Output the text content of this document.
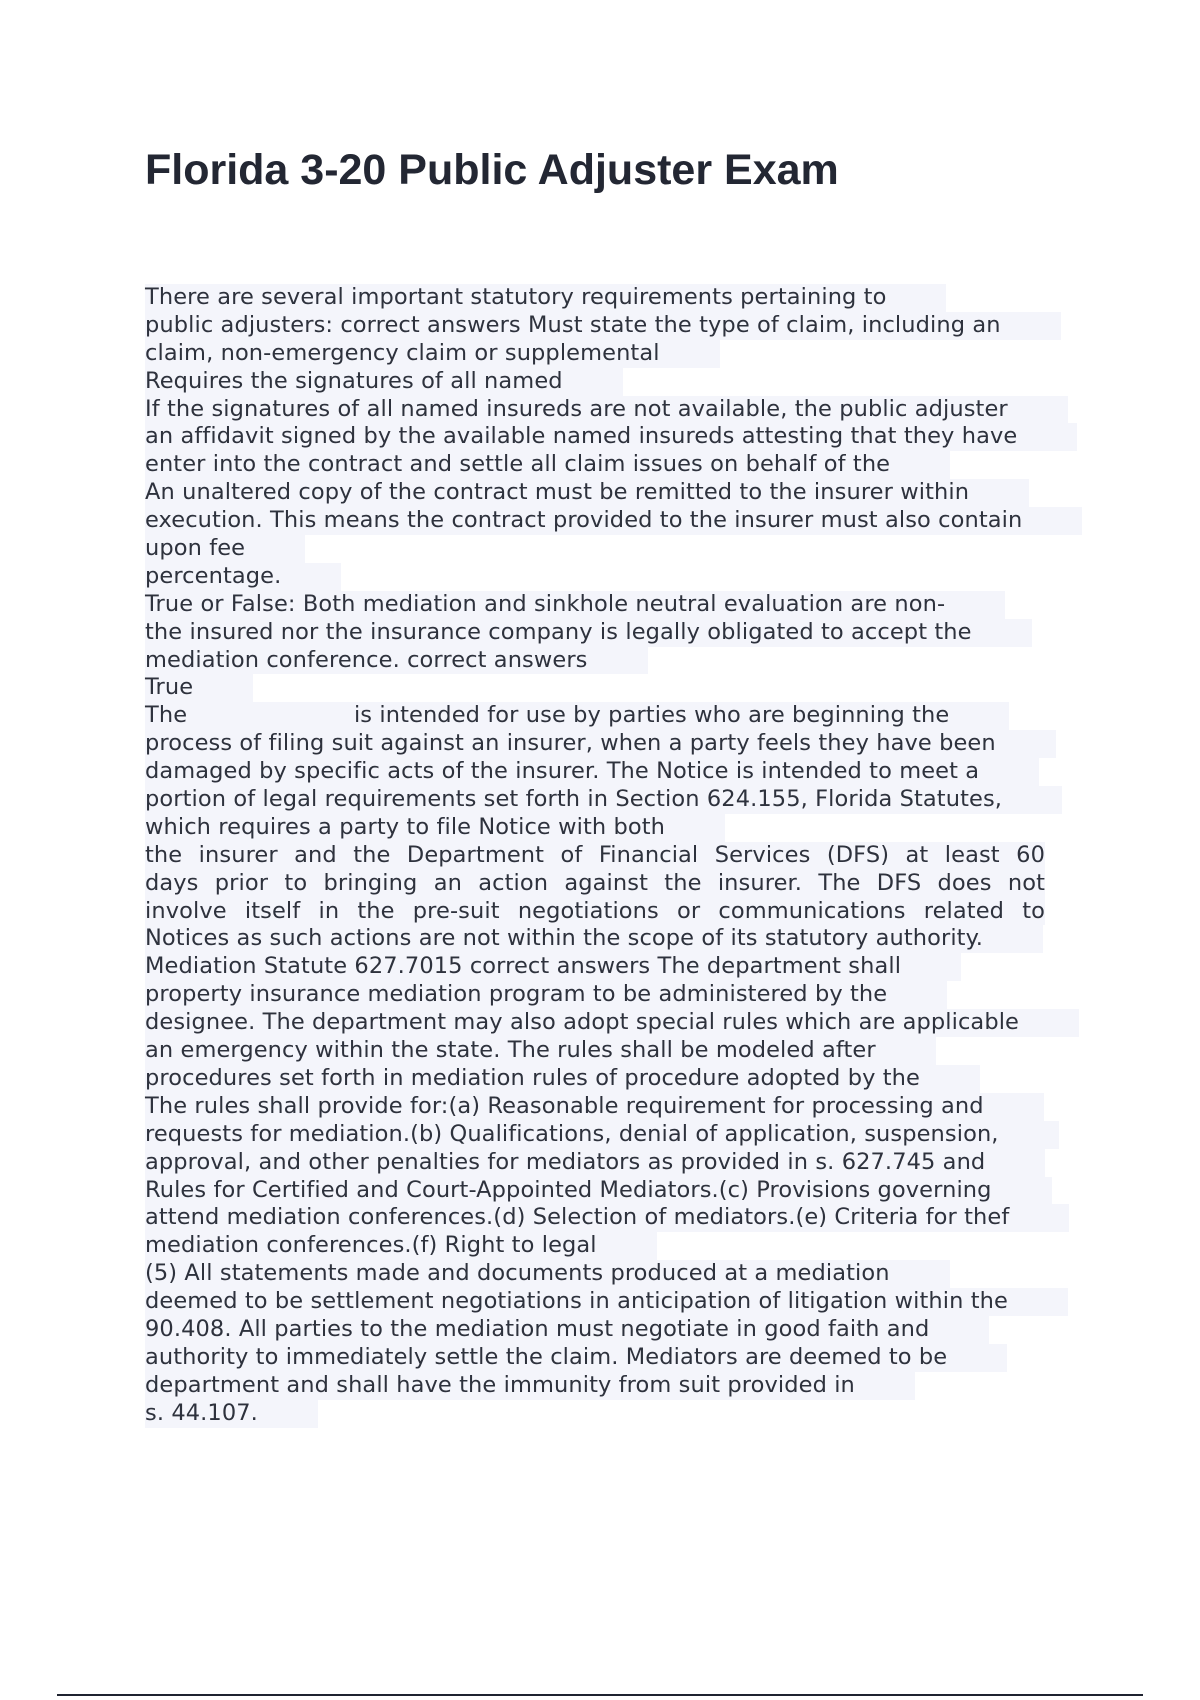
Florida 3-20 Public Adjuster Exam
There are several important statutory requirements pertaining to
public adjusters: correct answers Must state the type of claim, including an
claim, non-emergency claim or supplemental
Requires the signatures of all named
If the signatures of all named insureds are not available, the public adjuster
an affidavit signed by the available named insureds attesting that they have
enter into the contract and settle all claim issues on behalf of the
An unaltered copy of the contract must be remitted to the insurer within
execution. This means the contract provided to the insurer must also contain
upon fee
percentage.
True or False: Both mediation and sinkhole neutral evaluation are non-
the insured nor the insurance company is legally obligated to accept the
mediation conference. correct answers
True
The                       is intended for use by parties who are beginning the
process of filing suit against an insurer, when a party feels they have been
damaged by specific acts of the insurer. The Notice is intended to meet a
portion of legal requirements set forth in Section 624.155, Florida Statutes,
which requires a party to file Notice with both
the insurer and the Department of Financial Services (DFS) at least 60
days prior to bringing an action against the insurer. The DFS does not
involve itself in the pre-suit negotiations or communications related to
Notices as such actions are not within the scope of its statutory authority.
Mediation Statute 627.7015 correct answers The department shall
property insurance mediation program to be administered by the
designee. The department may also adopt special rules which are applicable
an emergency within the state. The rules shall be modeled after
procedures set forth in mediation rules of procedure adopted by the
The rules shall provide for:(a) Reasonable requirement for processing and
requests for mediation.(b) Qualifications, denial of application, suspension,
approval, and other penalties for mediators as provided in s. 627.745 and
Rules for Certified and Court-Appointed Mediators.(c) Provisions governing
attend mediation conferences.(d) Selection of mediators.(e) Criteria for thef
mediation conferences.(f) Right to legal
(5) All statements made and documents produced at a mediation
deemed to be settlement negotiations in anticipation of litigation within the
90.408. All parties to the mediation must negotiate in good faith and
authority to immediately settle the claim. Mediators are deemed to be
department and shall have the immunity from suit provided in
s. 44.107.
